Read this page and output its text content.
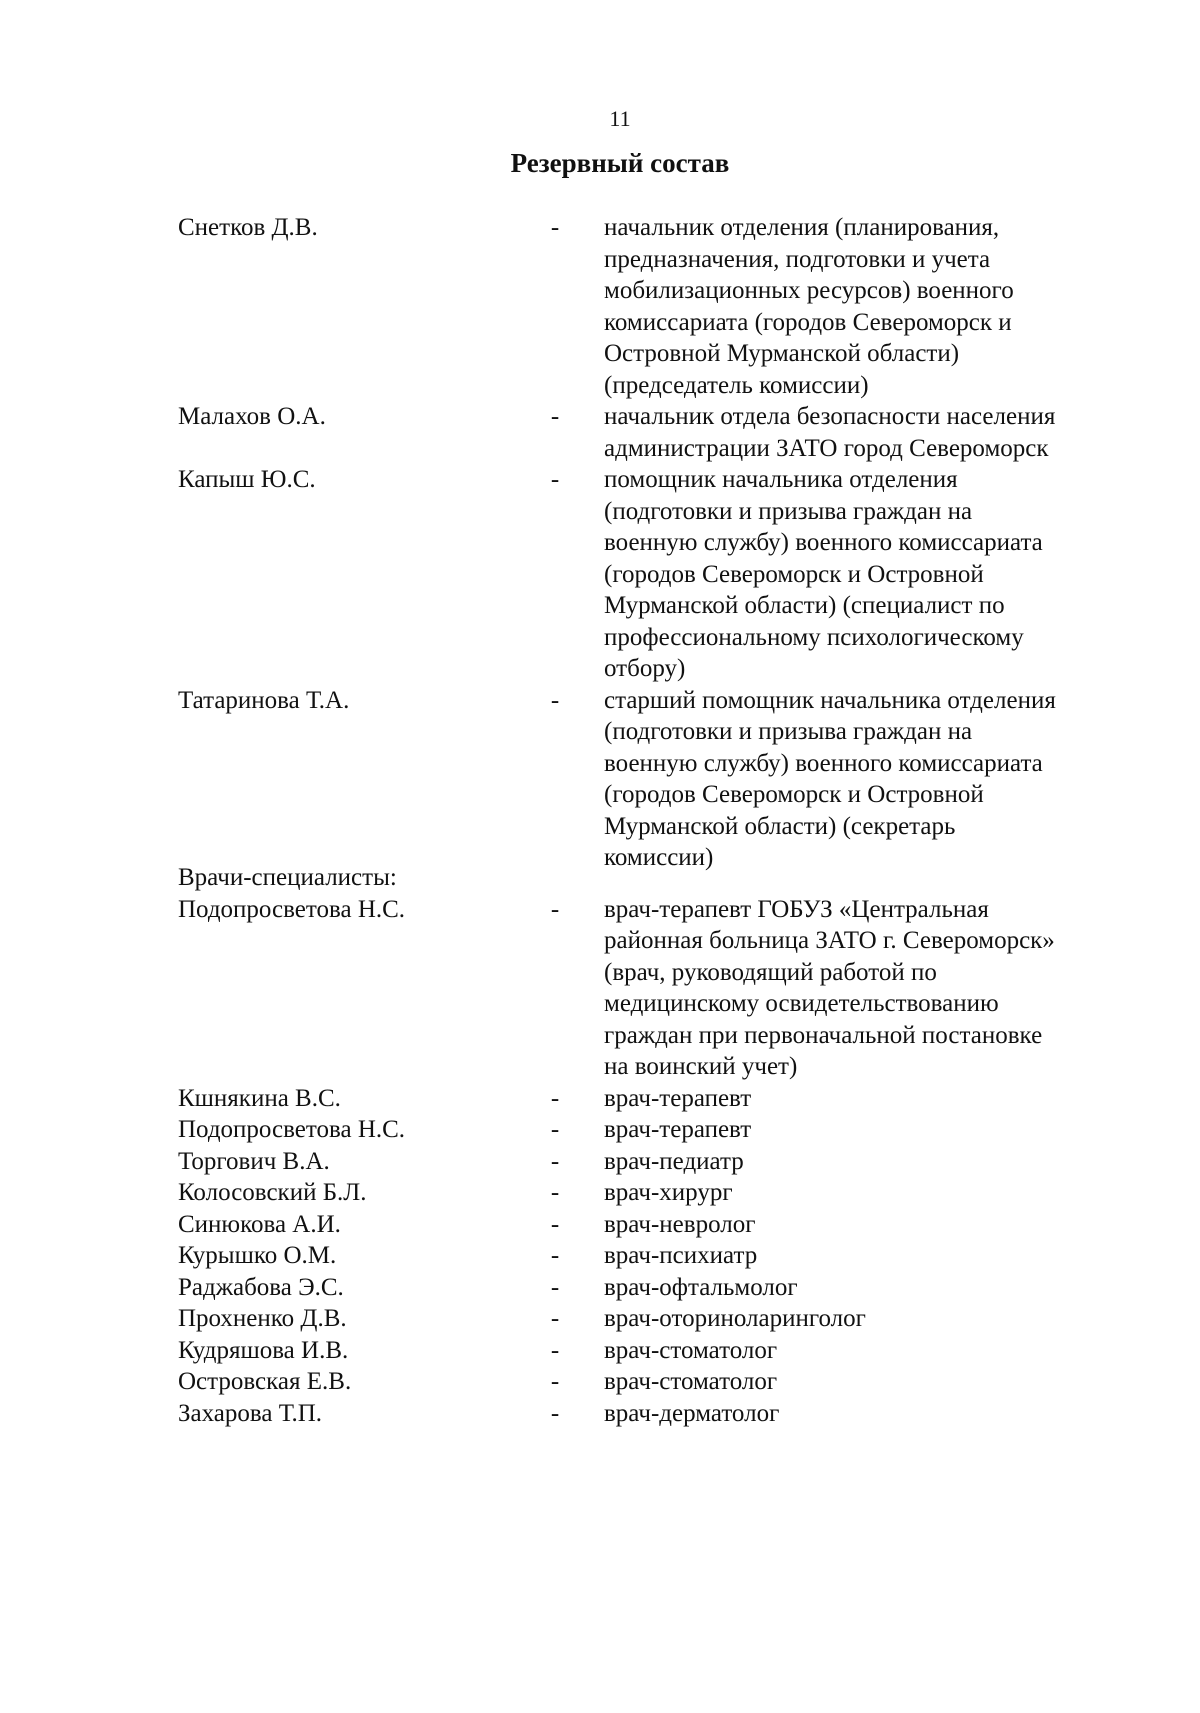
11
Резервный состав
Снетков Д.В.	- начальник отделения (планирования,
предназначения, подготовки и учета
мобилизационных ресурсов) военного
комиссариата (городов Североморск и
Островной Мурманской области)
(председатель комиссии)
Малахов О.А.	- начальник отдела безопасности населения
администрации ЗАТО город Североморск
Капыш Ю.С.	- помощник начальника отделения
(подготовки и призыва граждан на
военную службу) военного комиссариата
(городов Североморск и Островной
Мурманской области) (специалист по
профессиональному психологическому
отбору)
Татаринова Т.А.	- старший помощник начальника отделения
(подготовки и призыва граждан на
военную службу) военного комиссариата
(городов Североморск и Островной
Мурманской области) (секретарь
комиссии)
Врачи-специалисты:
Подопросветова Н.С.	- врач-терапевт ГОБУЗ «Центральная
районная больница ЗАТО г. Североморск»
(врач, руководящий работой по
медицинскому освидетельствованию
граждан при первоначальной постановке
на воинский учет)
Кшнякина В.С.	- врач-терапевт
Подопросветова Н.С.	- врач-терапевт
Торгович В.А.	- врач-педиатр
Колосовский Б.Л.	- врач-хирург
Синюкова А.И.	- врач-невролог
Курышко О.М.	- врач-психиатр
Раджабова Э.С.	- врач-офтальмолог
Прохненко Д.В.	- врач-оториноларинголог
Кудряшова И.В.	- врач-стоматолог
Островская Е.В.	- врач-стоматолог
Захарова Т.П.	- врач-дерматолог
